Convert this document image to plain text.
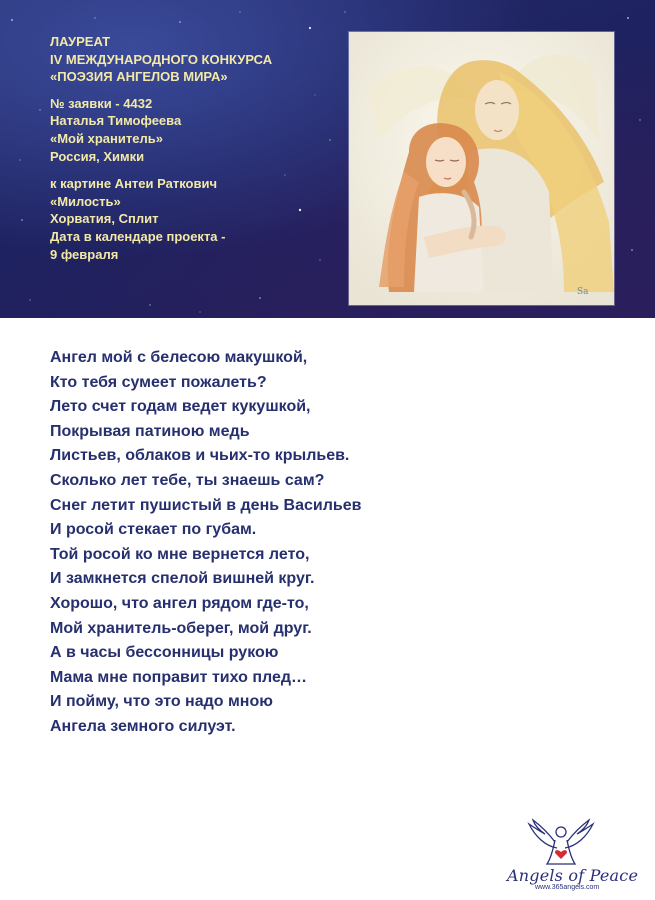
ЛАУРЕАТ
IV МЕЖДУНАРОДНОГО КОНКУРСА
«ПОЭЗИЯ АНГЕЛОВ МИРА»
№ заявки - 4432
Наталья Тимофеева
«Мой хранитель»
Россия, Химки
к картине Антеи Раткович
«Милость»
Хорватия, Сплит
Дата в календаре проекта -
9 февраля
Sa
Ангел мой с белесою макушкой,
Кто тебя сумеет пожалеть?
Лето счет годам ведет кукушкой,
Покрывая патиною медь
Листьев, облаков и чьих-то крыльев.
Сколько лет тебе, ты знаешь сам?
Снег летит пушистый в день Васильев
И росой стекает по губам.
Той росой ко мне вернется лето,
И замкнется спелой вишней круг.
Хорошо, что ангел рядом где-то,
Мой хранитель-оберег, мой друг.
А в часы бессонницы рукою
Мама мне поправит тихо плед…
И пойму, что это надо мною
Ангела земного силуэт.
Angels of Peace
www.365angels.com
